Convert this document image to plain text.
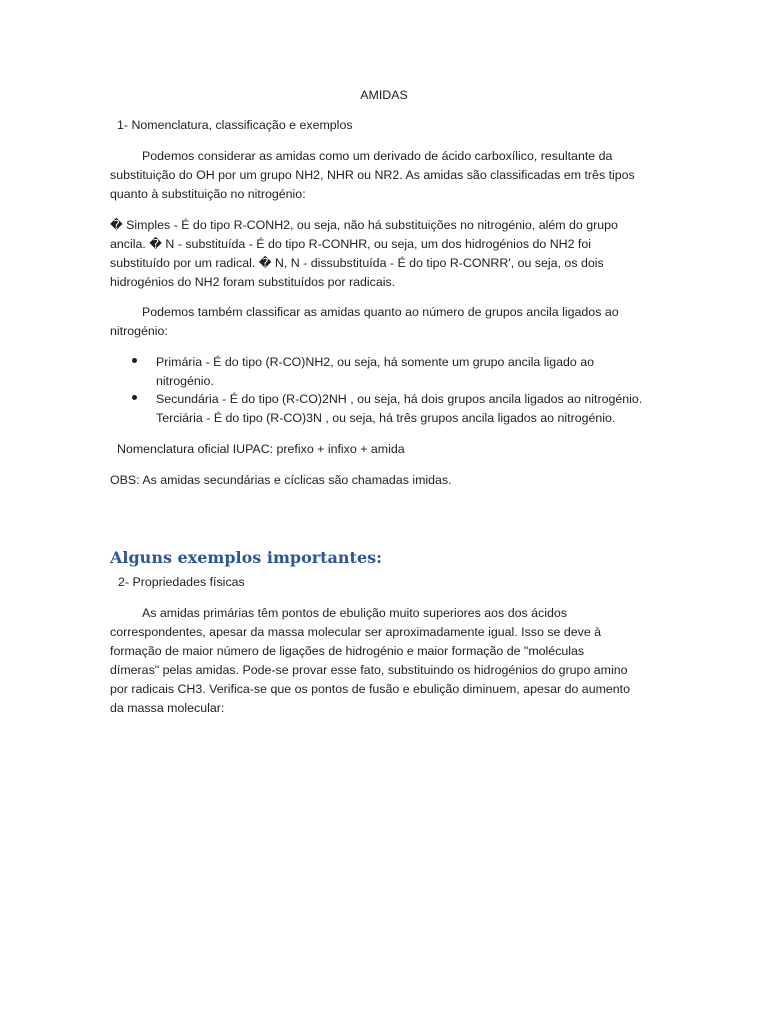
AMIDAS
1- Nomenclatura, classificação e exemplos
Podemos considerar as amidas como um derivado de ácido carboxílico, resultante da
substituição do OH por um grupo NH2, NHR ou NR2. As amidas são classificadas em três tipos
quanto à substituição no nitrogénio:
� Simples - É do tipo R-CONH2, ou seja, não há substituições no nitrogénio, além do grupo
ancila. � N - substituída - É do tipo R-CONHR, ou seja, um dos hidrogénios do NH2 foi
substituído por um radical. � N, N - dissubstituída - É do tipo R-CONRR', ou seja, os dois
hidrogénios do NH2 foram substituídos por radicais.
Podemos também classificar as amidas quanto ao número de grupos ancila ligados ao
nitrogénio:
Primária - É do tipo (R-CO)NH2, ou seja, há somente um grupo ancila ligado ao
nitrogénio.
Secundária - É do tipo (R-CO)2NH , ou seja, há dois grupos ancila ligados ao nitrogénio.
Terciária - É do tipo (R-CO)3N , ou seja, há três grupos ancila ligados ao nitrogénio.
Nomenclatura oficial IUPAC: prefixo + infixo + amida
OBS: As amidas secundárias e cíclicas são chamadas imidas.
Alguns exemplos importantes:
2- Propriedades físicas
As amidas primárias têm pontos de ebulição muito superiores aos dos ácidos
correspondentes, apesar da massa molecular ser aproximadamente igual. Isso se deve à
formação de maior número de ligações de hidrogénio e maior formação de "moléculas
dímeras" pelas amidas. Pode-se provar esse fato, substituindo os hidrogénios do grupo amino
por radicais CH3. Verifica-se que os pontos de fusão e ebulição diminuem, apesar do aumento
da massa molecular:
